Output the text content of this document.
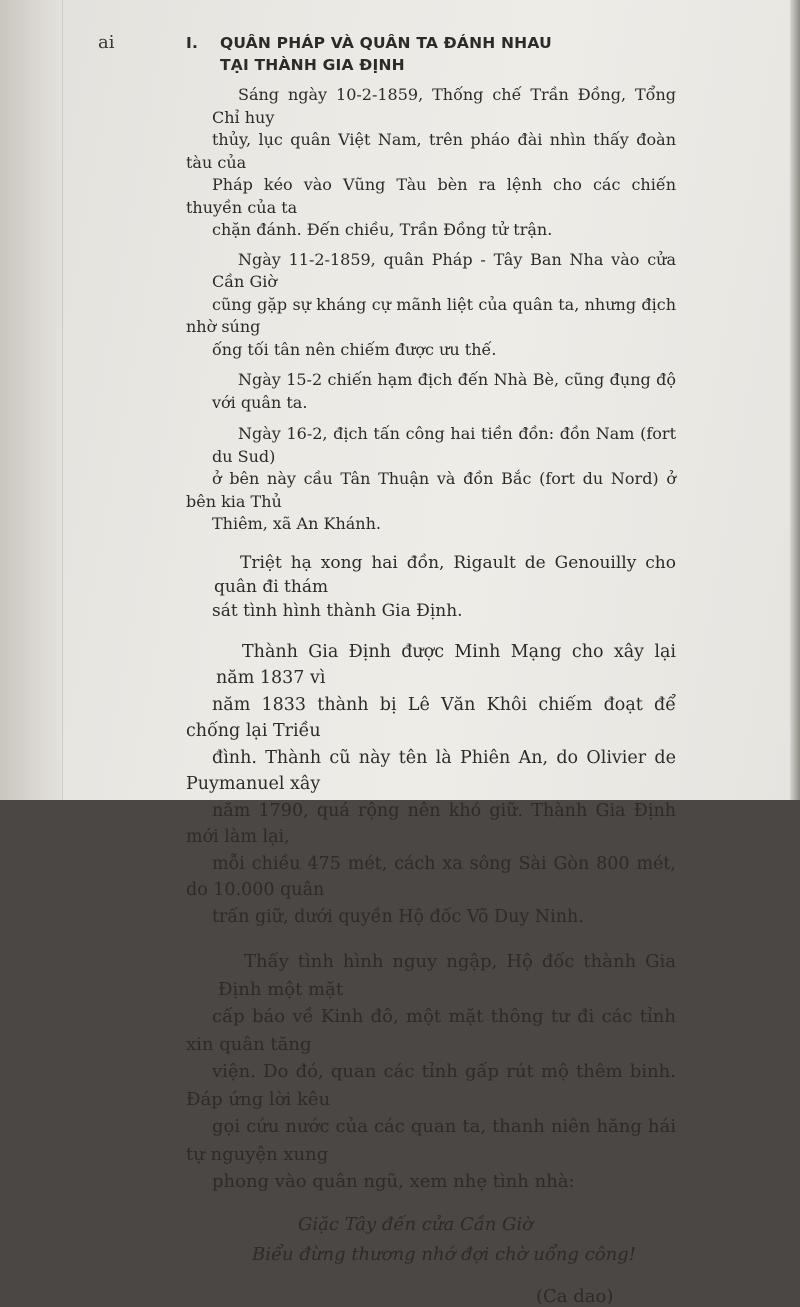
ai	I. QUÂN PHÁP VÀ QUÂN TA ĐÁNH NHAU
TẠI THÀNH GIA ĐỊNH
Sáng ngày 10-2-1859, Thống chế Trần Đồng, Tổng Chỉ huy
thủy, lục quân Việt Nam, trên pháo đài nhìn thấy đoàn tàu của
Pháp kéo vào Vũng Tàu bèn ra lệnh cho các chiến thuyền của ta
chặn đánh. Đến chiều, Trần Đồng tử trận.
Ngày 11-2-1859, quân Pháp - Tây Ban Nha vào cửa Cần Giờ
cũng gặp sự kháng cự mãnh liệt của quân ta, nhưng địch nhờ súng
ống tối tân nên chiếm được ưu thế.
Ngày 15-2 chiến hạm địch đến Nhà Bè, cũng đụng độ với quân ta.
Ngày 16-2, địch tấn công hai tiền đồn: đồn Nam (fort du Sud)
ở bên này cầu Tân Thuận và đồn Bắc (fort du Nord) ở bên kia Thủ
Thiêm, xã An Khánh.
Triệt hạ xong hai đồn, Rigault de Genouilly cho quân đi thám
sát tình hình thành Gia Định.
Thành Gia Định được Minh Mạng cho xây lại năm 1837 vì
năm 1833 thành bị Lê Văn Khôi chiếm đoạt để chống lại Triều
đình. Thành cũ này tên là Phiên An, do Olivier de Puymanuel xây
năm 1790, quá rộng nên khó giữ. Thành Gia Định mới làm lại,
mỗi chiều 475 mét, cách xa sông Sài Gòn 800 mét, do 10.000 quân
trấn giữ, dưới quyền Hộ đốc Võ Duy Ninh.
Thấy tình hình nguy ngập, Hộ đốc thành Gia Định một mặt
cấp báo về Kinh đô, một mặt thông tư đi các tỉnh xin quân tăng
viện. Do đó, quan các tỉnh gấp rút mộ thêm binh. Đáp ứng lời kêu
gọi cứu nước của các quan ta, thanh niên hăng hái tự nguyện xung
phong vào quân ngũ, xem nhẹ tình nhà:
Giặc Tây đến cửa Cần Giờ
Biểu đừng thương nhớ đợi chờ uổng công!
(Ca dao)
